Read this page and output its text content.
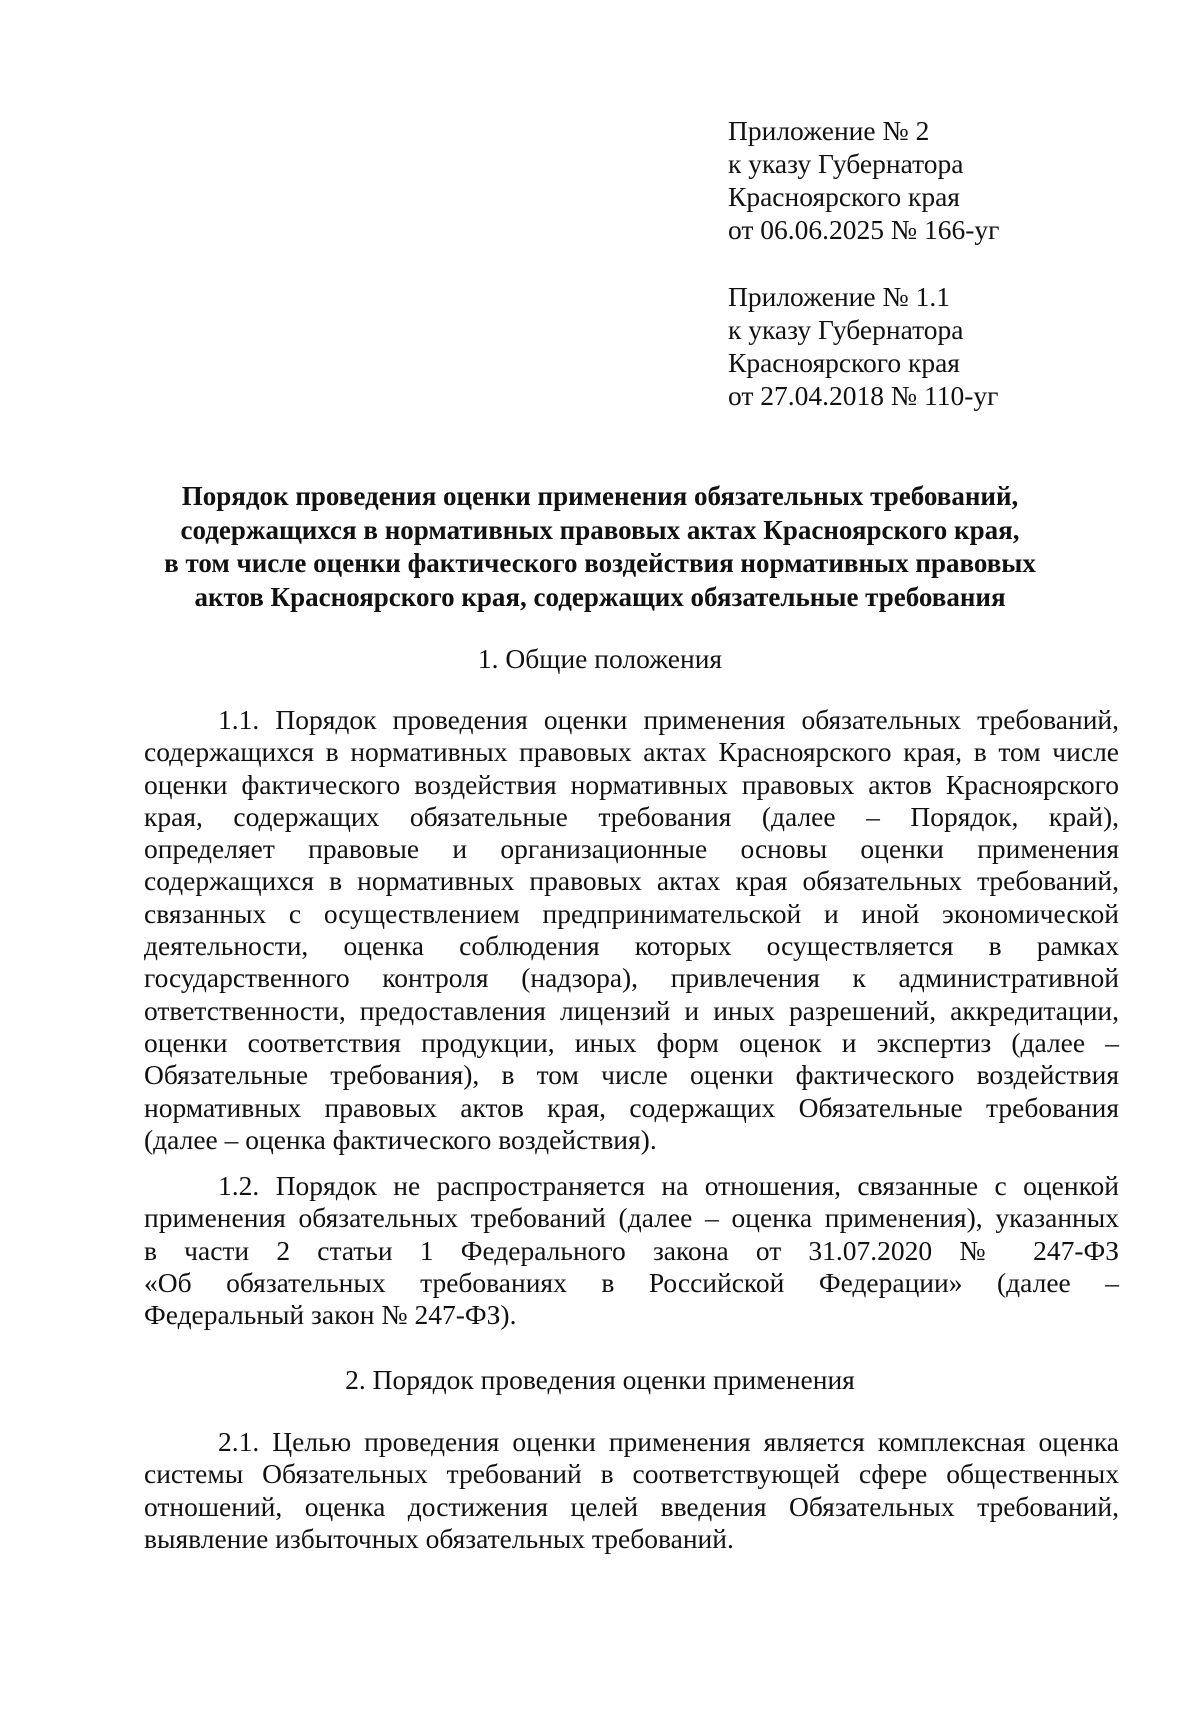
Приложение № 2
к указу Губернатора
Красноярского края
от 06.06.2025 № 166-уг
Приложение № 1.1
к указу Губернатора
Красноярского края
от 27.04.2018 № 110-уг
Порядок проведения оценки применения обязательных требований,
содержащихся в нормативных правовых актах Красноярского края,
в том числе оценки фактического воздействия нормативных правовых
актов Красноярского края, содержащих обязательные требования
1. Общие положения
1.1. Порядок проведения оценки применения обязательных требований,
содержащихся в нормативных правовых актах Красноярского края, в том числе
оценки фактического воздействия нормативных правовых актов Красноярского
края, содержащих обязательные требования (далее – Порядок, край),
определяет правовые и организационные основы оценки применения
содержащихся в нормативных правовых актах края обязательных требований,
связанных с осуществлением предпринимательской и иной экономической
деятельности, оценка соблюдения которых осуществляется в рамках
государственного контроля (надзора), привлечения к административной
ответственности, предоставления лицензий и иных разрешений, аккредитации,
оценки соответствия продукции, иных форм оценок и экспертиз (далее –
Обязательные требования), в том числе оценки фактического воздействия
нормативных правовых актов края, содержащих Обязательные требования
(далее – оценка фактического воздействия).
1.2. Порядок не распространяется на отношения, связанные с оценкой
применения обязательных требований (далее – оценка применения), указанных
в части 2 статьи 1 Федерального закона от 31.07.2020 № 247-ФЗ
«Об обязательных требованиях в Российской Федерации» (далее –
Федеральный закон № 247-ФЗ).
2. Порядок проведения оценки применения
2.1. Целью проведения оценки применения является комплексная оценка
системы Обязательных требований в соответствующей сфере общественных
отношений, оценка достижения целей введения Обязательных требований,
выявление избыточных обязательных требований.
